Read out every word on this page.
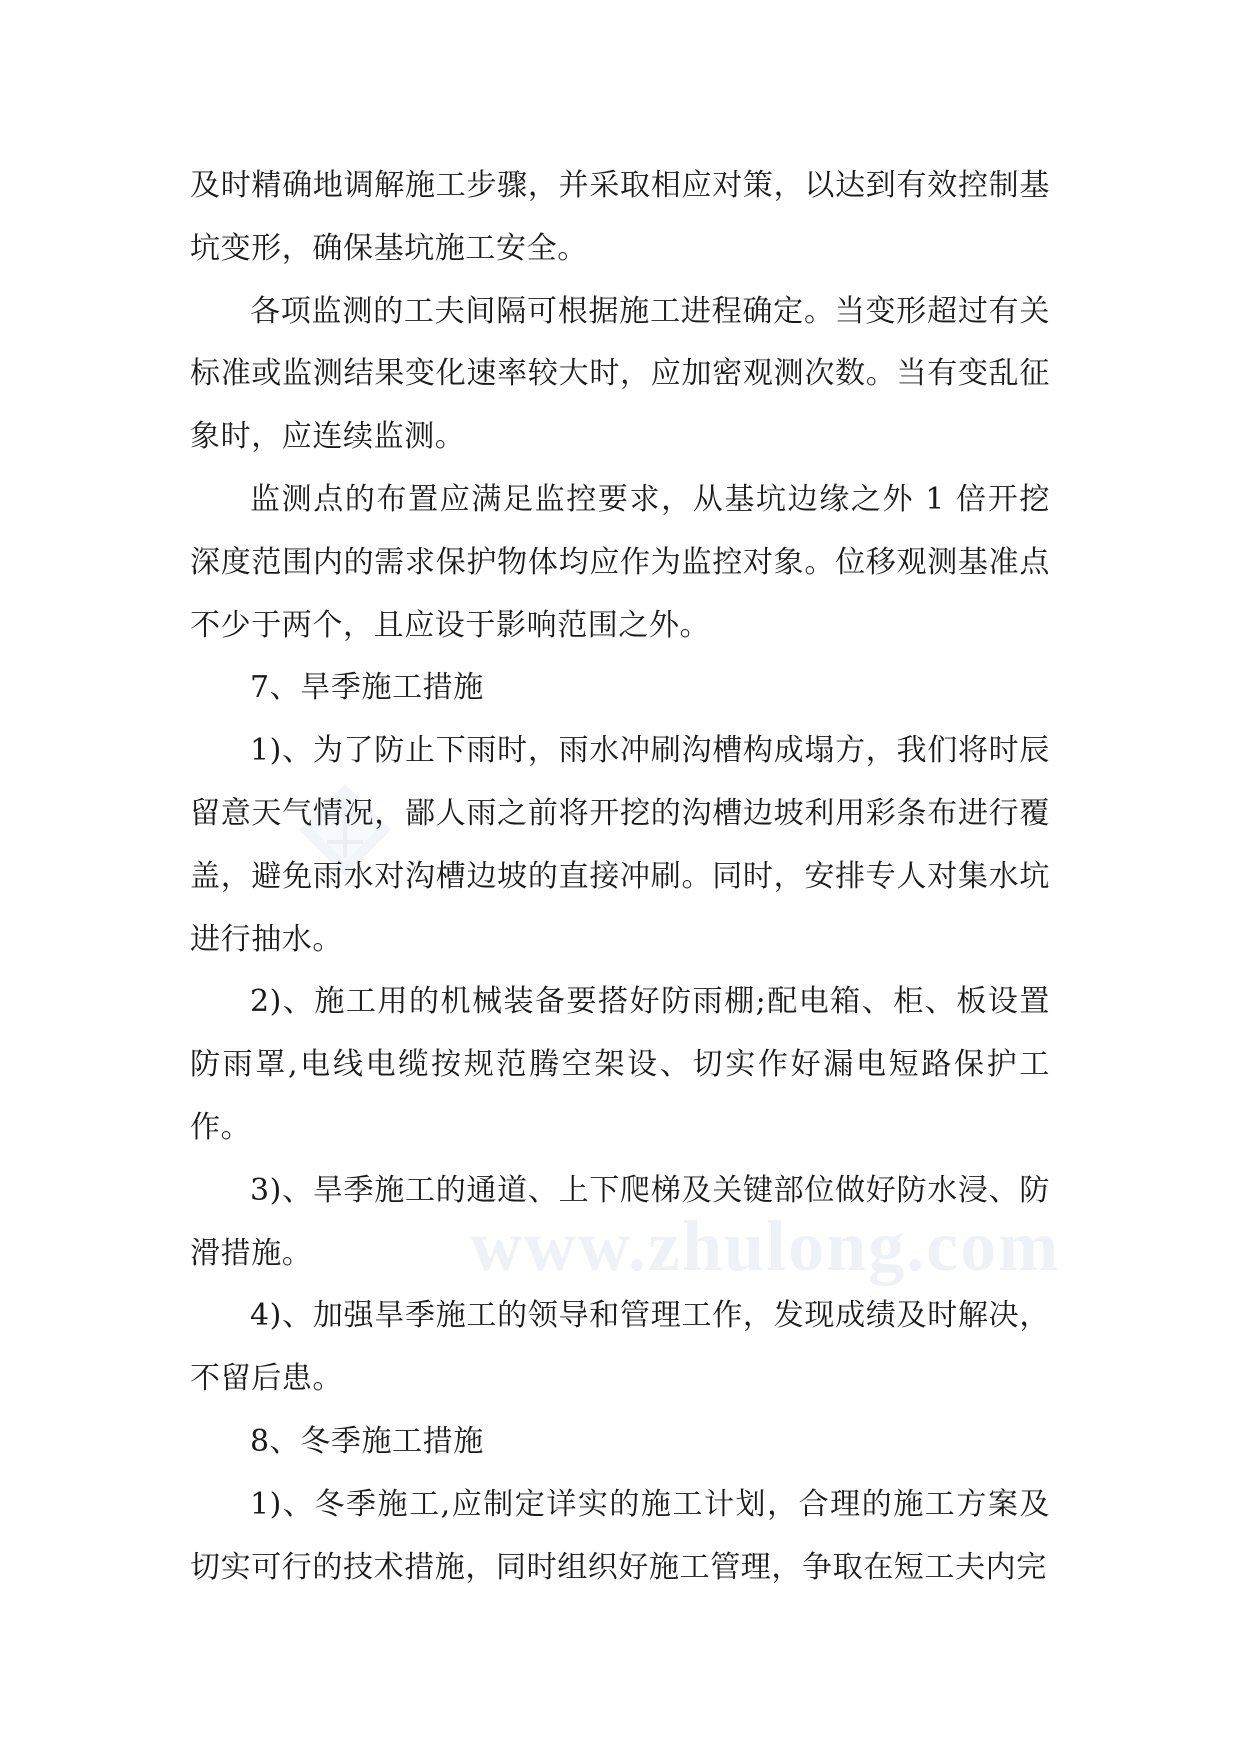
www.zhulong.com

及时精确地调解施工步骤，并采取相应对策，以达到有效控制基坑变形，确保基坑施工安全。

各项监测的工夫间隔可根据施工进程确定。当变形超过有关标准或监测结果变化速率较大时，应加密观测次数。当有变乱征象时，应连续监测。

监测点的布置应满足监控要求，从基坑边缘之外 1 倍开挖深度范围内的需求保护物体均应作为监控对象。位移观测基准点不少于两个，且应设于影响范围之外。

7、旱季施工措施

1)、为了防止下雨时，雨水冲刷沟槽构成塌方，我们将时辰留意天气情况，鄙人雨之前将开挖的沟槽边坡利用彩条布进行覆盖，避免雨水对沟槽边坡的直接冲刷。同时，安排专人对集水坑进行抽水。

2)、施工用的机械装备要搭好防雨棚;配电箱、柜、板设置防雨罩,电线电缆按规范腾空架设、切实作好漏电短路保护工作。

3)、旱季施工的通道、上下爬梯及关键部位做好防水浸、防滑措施。

4)、加强旱季施工的领导和管理工作，发现成绩及时解决，不留后患。

8、冬季施工措施

1)、冬季施工,应制定详实的施工计划，合理的施工方案及切实可行的技术措施，同时组织好施工管理，争取在短工夫内完
